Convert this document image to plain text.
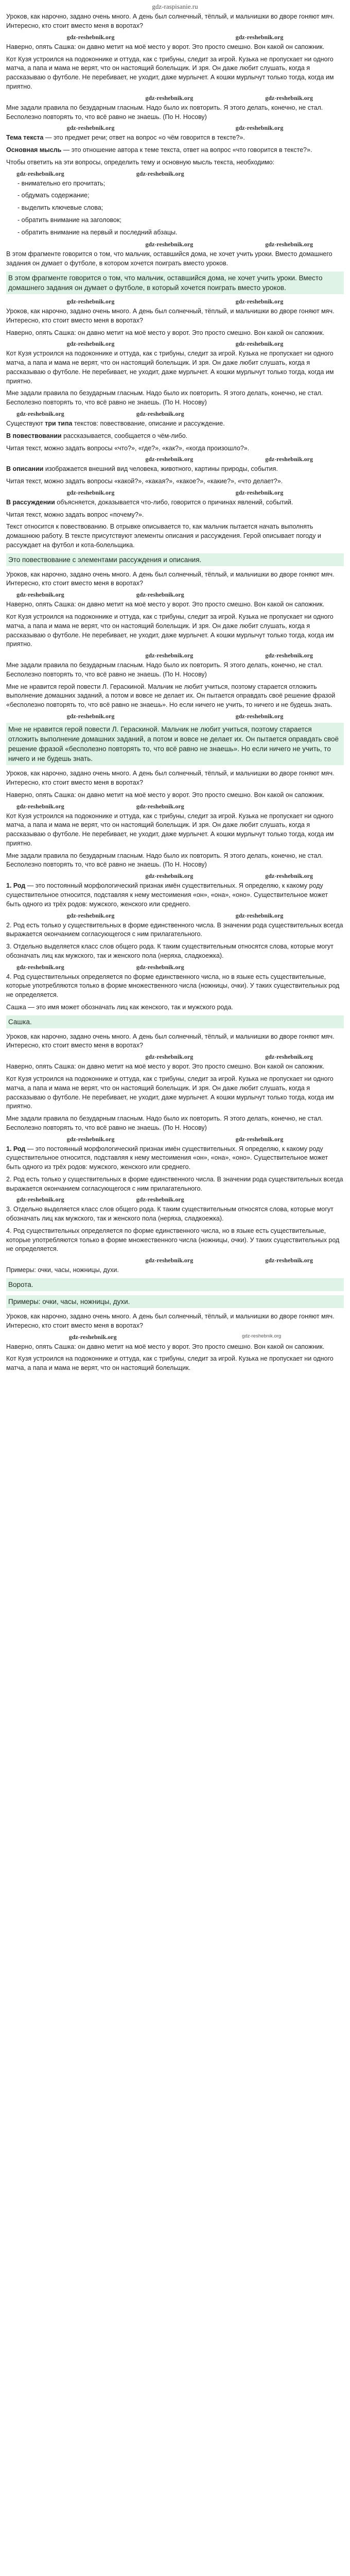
gdz-raspisanie.ru

Уроков, как нарочно, задано очень много. А день был солнечный, тёплый, и мальчишки во дворе гоняют мяч. Интересно, кто стоит вместо меня в воротах?

gdz-reshebnik.org	gdz-reshebnik.org

Наверно, опять Сашка: он давно метит на моё место у ворот. Это просто смешно. Вон какой он сапожник.

Кот Кузя устроился на подоконнике и оттуда, как с трибуны, следит за игрой. Кузька не пропускает ни одного матча, а папа и мама не верят, что он настоящий болельщик. И зря. Он даже любит слушать, когда я рассказываю о футболе. Не перебивает, не уходит, даже мурлычет. А кошки мурлычут только тогда, когда им приятно.

gdz-reshebnik.org	gdz-reshebnik.org

Мне задали правила по безударным гласным. Надо было их повторить. Я этого делать, конечно, не стал. Бесполезно повторять то, что всё равно не знаешь. (По Н. Носову)

gdz-reshebnik.org	gdz-reshebnik.org

Тема текста — это предмет речи; ответ на вопрос «о чём говорится в тексте?».

Основная мысль — это отношение автора к теме текста, ответ на вопрос «что говорится в тексте?».

Чтобы ответить на эти вопросы, определить тему и основную мысль текста, необходимо:

gdz-reshebnik.org	gdz-reshebnik.org
- внимательно его прочитать;
- обдумать содержание;
- выделить ключевые слова;
- обратить внимание на заголовок;
- обратить внимание на первый и последний абзацы.
gdz-reshebnik.org	gdz-reshebnik.org

В этом фрагменте говорится о том, что мальчик, оставшийся дома, не хочет учить уроки. Вместо домашнего задания он думает о футболе, в котором хочется поиграть вместо уроков.

В этом фрагменте говорится о том, что мальчик, оставшийся дома, не хочет учить уроки. Вместо домашнего задания он думает о футболе, в который хочется поиграть вместо уроков.
gdz-reshebnik.org	gdz-reshebnik.org

Уроков, как нарочно, задано очень много. А день был солнечный, тёплый, и мальчишки во дворе гоняют мяч. Интересно, кто стоит вместо меня в воротах?

Наверно, опять Сашка: он давно метит на моё место у ворот. Это просто смешно. Вон какой он сапожник.

gdz-reshebnik.org	gdz-reshebnik.org

Кот Кузя устроился на подоконнике и оттуда, как с трибуны, следит за игрой. Кузька не пропускает ни одного матча, а папа и мама не верят, что он настоящий болельщик. И зря. Он даже любит слушать, когда я рассказываю о футболе. Не перебивает, не уходит, даже мурлычет. А кошки мурлычут только тогда, когда им приятно.

Мне задали правила по безударным гласным. Надо было их повторить. Я этого делать, конечно, не стал. Бесполезно повторять то, что всё равно не знаешь. (По Н. Носову)

gdz-reshebnik.org	gdz-reshebnik.org

Существуют три типа текстов: повествование, описание и рассуждение.

В повествовании рассказывается, сообщается о чём-либо.

Читая текст, можно задать вопросы «что?», «где?», «как?», «когда произошло?».

gdz-reshebnik.org	gdz-reshebnik.org

В описании изображается внешний вид человека, животного, картины природы, события.

Читая текст, можно задать вопросы «какой?», «какая?», «какое?», «какие?», «что делает?».

gdz-reshebnik.org	gdz-reshebnik.org

В рассуждении объясняется, доказывается что-либо, говорится о причинах явлений, событий.

Читая текст, можно задать вопрос «почему?».

Текст относится к повествованию. В отрывке описывается то, как мальчик пытается начать выполнять домашнюю работу. В тексте присутствуют элементы описания и рассуждения. Герой описывает погоду и рассуждает на футбол и кота-болельщика.

Это повествование с элементами рассуждения и описания.

Уроков, как нарочно, задано очень много. А день был солнечный, тёплый, и мальчишки во дворе гоняют мяч. Интересно, кто стоит вместо меня в воротах?

gdz-reshebnik.org	gdz-reshebnik.org

Наверно, опять Сашка: он давно метит на моё место у ворот. Это просто смешно. Вон какой он сапожник.

Кот Кузя устроился на подоконнике и оттуда, как с трибуны, следит за игрой. Кузька не пропускает ни одного матча, а папа и мама не верят, что он настоящий болельщик. И зря. Он даже любит слушать, когда я рассказываю о футболе. Не перебивает, не уходит, даже мурлычет. А кошки мурлычут только тогда, когда им приятно.

gdz-reshebnik.org	gdz-reshebnik.org

Мне задали правила по безударным гласным. Надо было их повторить. Я этого делать, конечно, не стал. Бесполезно повторять то, что всё равно не знаешь. (По Н. Носову)

Мне не нравится герой повести Л. Гераскиной. Мальчик не любит учиться, поэтому старается отложить выполнение домашних заданий, а потом и вовсе не делает их. Он пытается оправдать своё решение фразой «бесполезно повторять то, что всё равно не знаешь». Но если ничего не учить, то ничего и не будешь знать.

gdz-reshebnik.org	gdz-reshebnik.org
Мне не нравится герой повести Л. Гераскиной. Мальчик не любит учиться, поэтому старается отложить выполнение домашних заданий, а потом и вовсе не делает их. Он пытается оправдать своё решение фразой «бесполезно повторять то, что всё равно не знаешь». Но если ничего не учить, то ничего и не будешь знать.

Уроков, как нарочно, задано очень много. А день был солнечный, тёплый, и мальчишки во дворе гоняют мяч. Интересно, кто стоит вместо меня в воротах?

Наверно, опять Сашка: он давно метит на моё место у ворот. Это просто смешно. Вон какой он сапожник.

gdz-reshebnik.org	gdz-reshebnik.org

Кот Кузя устроился на подоконнике и оттуда, как с трибуны, следит за игрой. Кузька не пропускает ни одного матча, а папа и мама не верят, что он настоящий болельщик. И зря. Он даже любит слушать, когда я рассказываю о футболе. Не перебивает, не уходит, даже мурлычет. А кошки мурлычут только тогда, когда им приятно.

Мне задали правила по безударным гласным. Надо было их повторить. Я этого делать, конечно, не стал. Бесполезно повторять то, что всё равно не знаешь. (По Н. Носову)

gdz-reshebnik.org	gdz-reshebnik.org

1. Род — это постоянный морфологический признак имён существительных. Я определяю, к какому роду существительное относится, подставляя к нему местоимения «он», «она», «оно». Существительное может быть одного из трёх родов: мужского, женского или среднего.

gdz-reshebnik.org	gdz-reshebnik.org

2. Род есть только у существительных в форме единственного числа. В значении рода существительных всегда выражается окончанием согласующегося с ним прилагательного.

3. Отдельно выделяется класс слов общего рода. К таким существительным относятся слова, которые могут обозначать лиц как мужского, так и женского пола (неряха, сладкоежка).

gdz-reshebnik.org	gdz-reshebnik.org

4. Род существительных определяется по форме единственного числа, но в языке есть существительные, которые употребляются только в форме множественного числа (ножницы, очки). У таких существительных род не определяется.

Сашка — это имя может обозначать лиц как женского, так и мужского рода.

Сашка.

Уроков, как нарочно, задано очень много. А день был солнечный, тёплый, и мальчишки во дворе гоняют мяч. Интересно, кто стоит вместо меня в воротах?

gdz-reshebnik.org	gdz-reshebnik.org

Наверно, опять Сашка: он давно метит на моё место у ворот. Это просто смешно. Вон какой он сапожник.

Кот Кузя устроился на подоконнике и оттуда, как с трибуны, следит за игрой. Кузька не пропускает ни одного матча, а папа и мама не верят, что он настоящий болельщик. И зря. Он даже любит слушать, когда я рассказываю о футболе. Не перебивает, не уходит, даже мурлычет. А кошки мурлычут только тогда, когда им приятно.

Мне задали правила по безударным гласным. Надо было их повторить. Я этого делать, конечно, не стал. Бесполезно повторять то, что всё равно не знаешь. (По Н. Носову)

gdz-reshebnik.org	gdz-reshebnik.org

1. Род — это постоянный морфологический признак имён существительных. Я определяю, к какому роду существительное относится, подставляя к нему местоимения «он», «она», «оно». Существительное может быть одного из трёх родов: мужского, женского или среднего.

2. Род есть только у существительных в форме единственного числа. В значении рода существительных всегда выражается окончанием согласующегося с ним прилагательного.

gdz-reshebnik.org	gdz-reshebnik.org

3. Отдельно выделяется класс слов общего рода. К таким существительным относятся слова, которые могут обозначать лиц как мужского, так и женского пола (неряха, сладкоежка).

4. Род существительных определяется по форме единственного числа, но в языке есть существительные, которые употребляются только в форме множественного числа (ножницы, очки). У таких существительных род не определяется.

gdz-reshebnik.org	gdz-reshebnik.org

Примеры: очки, часы, ножницы, духи.

Ворота.
Примеры: очки, часы, ножницы, духи.

Уроков, как нарочно, задано очень много. А день был солнечный, тёплый, и мальчишки во дворе гоняют мяч. Интересно, кто стоит вместо меня в воротах?

gdz-reshebnik.org	gdz-reshebnik.org

Наверно, опять Сашка: он давно метит на моё место у ворот. Это просто смешно. Вон какой он сапожник.

Кот Кузя устроился на подоконнике и оттуда, как с трибуны, следит за игрой. Кузька не пропускает ни одного матча, а папа и мама не верят, что он настоящий болельщик.
